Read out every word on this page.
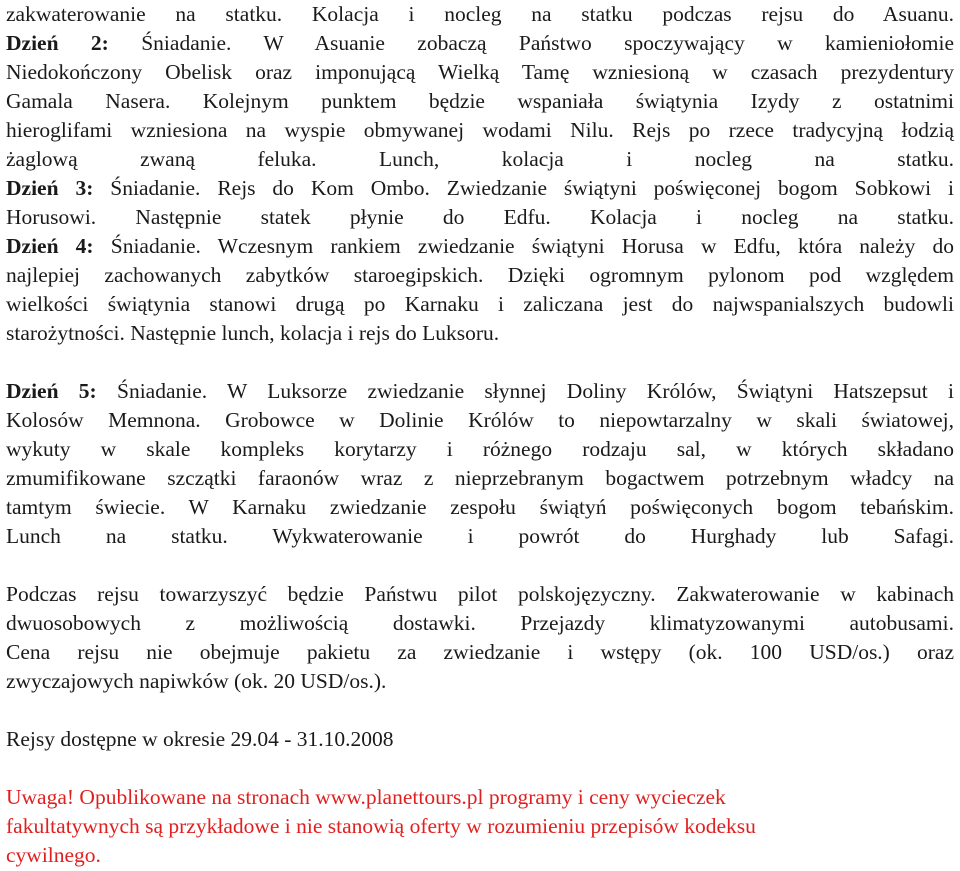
zakwaterowanie na statku. Kolacja i nocleg na statku podczas rejsu do Asuanu.
Dzień 2: Śniadanie. W Asuanie zobaczą Państwo spoczywający w kamieniołomie
Niedokończony Obelisk oraz imponującą Wielką Tamę wzniesioną w czasach prezydentury
Gamala Nasera. Kolejnym punktem będzie wspaniała świątynia Izydy z ostatnimi
hieroglifami wzniesiona na wyspie obmywanej wodami Nilu. Rejs po rzece tradycyjną łodzią
żaglową zwaną feluka. Lunch, kolacja i nocleg na statku.
Dzień 3: Śniadanie. Rejs do Kom Ombo. Zwiedzanie świątyni poświęconej bogom Sobkowi i
Horusowi. Następnie statek płynie do Edfu. Kolacja i nocleg na statku.
Dzień 4: Śniadanie. Wczesnym rankiem zwiedzanie świątyni Horusa w Edfu, która należy do
najlepiej zachowanych zabytków staroegipskich. Dzięki ogromnym pylonom pod względem
wielkości świątynia stanowi drugą po Karnaku i zaliczana jest do najwspanialszych budowli
starożytności. Następnie lunch, kolacja i rejs do Luksoru.
Dzień 5: Śniadanie. W Luksorze zwiedzanie słynnej Doliny Królów, Świątyni Hatszepsut i
Kolosów Memnona. Grobowce w Dolinie Królów to niepowtarzalny w skali światowej,
wykuty w skale kompleks korytarzy i różnego rodzaju sal, w których składano
zmumifikowane szczątki faraonów wraz z nieprzebranym bogactwem potrzebnym władcy na
tamtym świecie. W Karnaku zwiedzanie zespołu świątyń poświęconych bogom tebańskim.
Lunch na statku. Wykwaterowanie i powrót do Hurghady lub Safagi.
Podczas rejsu towarzyszyć będzie Państwu pilot polskojęzyczny. Zakwaterowanie w kabinach
dwuosobowych z możliwością dostawki. Przejazdy klimatyzowanymi autobusami.
Cena rejsu nie obejmuje pakietu za zwiedzanie i wstępy (ok. 100 USD/os.) oraz
zwyczajowych napiwków (ok. 20 USD/os.).
Rejsy dostępne w okresie 29.04 - 31.10.2008
Uwaga! Opublikowane na stronach www.planettours.pl programy i ceny wycieczek
fakultatywnych są przykładowe i nie stanowią oferty w rozumieniu przepisów kodeksu
cywilnego.
